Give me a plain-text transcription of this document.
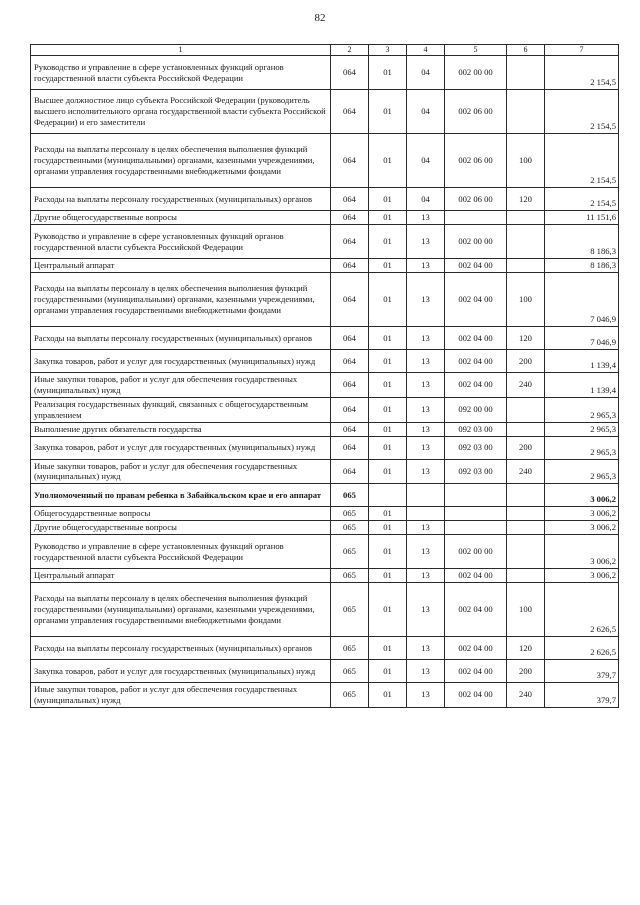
82
1	2	3	4	5	6	7
Руководство и управление в сфере установленных функций органов государственной власти субъекта Российской Федерации	064	01	04	002 00 00		2 154,5
Высшее должностное лицо субъекта Российской Федерации (руководитель высшего исполнительного органа государственной власти субъекта Российской Федерации) и его заместители	064	01	04	002 06 00		2 154,5
Расходы на выплаты персоналу в целях обеспечения выполнения функций государственными (муниципальными) органами, казенными учреждениями, органами управления государственными внебюджетными фондами	064	01	04	002 06 00	100	2 154,5
Расходы на выплаты персоналу государственных (муниципальных) органов	064	01	04	002 06 00	120	2 154,5
Другие общегосударственные вопросы	064	01	13			11 151,6
Руководство и управление в сфере установленных функций органов государственной власти субъекта Российской Федерации	064	01	13	002 00 00		8 186,3
Центральный аппарат	064	01	13	002 04 00		8 186,3
Расходы на выплаты персоналу в целях обеспечения выполнения функций государственными (муниципальными) органами, казенными учреждениями, органами управления государственными внебюджетными фондами	064	01	13	002 04 00	100	7 046,9
Расходы на выплаты персоналу государственных (муниципальных) органов	064	01	13	002 04 00	120	7 046,9
Закупка товаров, работ и услуг для государственных (муниципальных) нужд	064	01	13	002 04 00	200	1 139,4
Иные закупки товаров, работ и услуг для обеспечения государственных (муниципальных) нужд	064	01	13	002 04 00	240	1 139,4
Реализация государственных функций, связанных с общегосударственным управлением	064	01	13	092 00 00		2 965,3
Выполнение других обязательств государства	064	01	13	092 03 00		2 965,3
Закупка товаров, работ и услуг для государственных (муниципальных) нужд	064	01	13	092 03 00	200	2 965,3
Иные закупки товаров, работ и услуг для обеспечения государственных (муниципальных) нужд	064	01	13	092 03 00	240	2 965,3
Уполномоченный по правам ребенка в Забайкальском крае и его аппарат	065					3 006,2
Общегосударственные вопросы	065	01				3 006,2
Другие общегосударственные вопросы	065	01	13			3 006,2
Руководство и управление в сфере установленных функций органов государственной власти субъекта Российской Федерации	065	01	13	002 00 00		3 006,2
Центральный аппарат	065	01	13	002 04 00		3 006,2
Расходы на выплаты персоналу в целях обеспечения выполнения функций государственными (муниципальными) органами, казенными учреждениями, органами управления государственными внебюджетными фондами	065	01	13	002 04 00	100	2 626,5
Расходы на выплаты персоналу государственных (муниципальных) органов	065	01	13	002 04 00	120	2 626,5
Закупка товаров, работ и услуг для государственных (муниципальных) нужд	065	01	13	002 04 00	200	379,7
Иные закупки товаров, работ и услуг для обеспечения государственных (муниципальных) нужд	065	01	13	002 04 00	240	379,7
